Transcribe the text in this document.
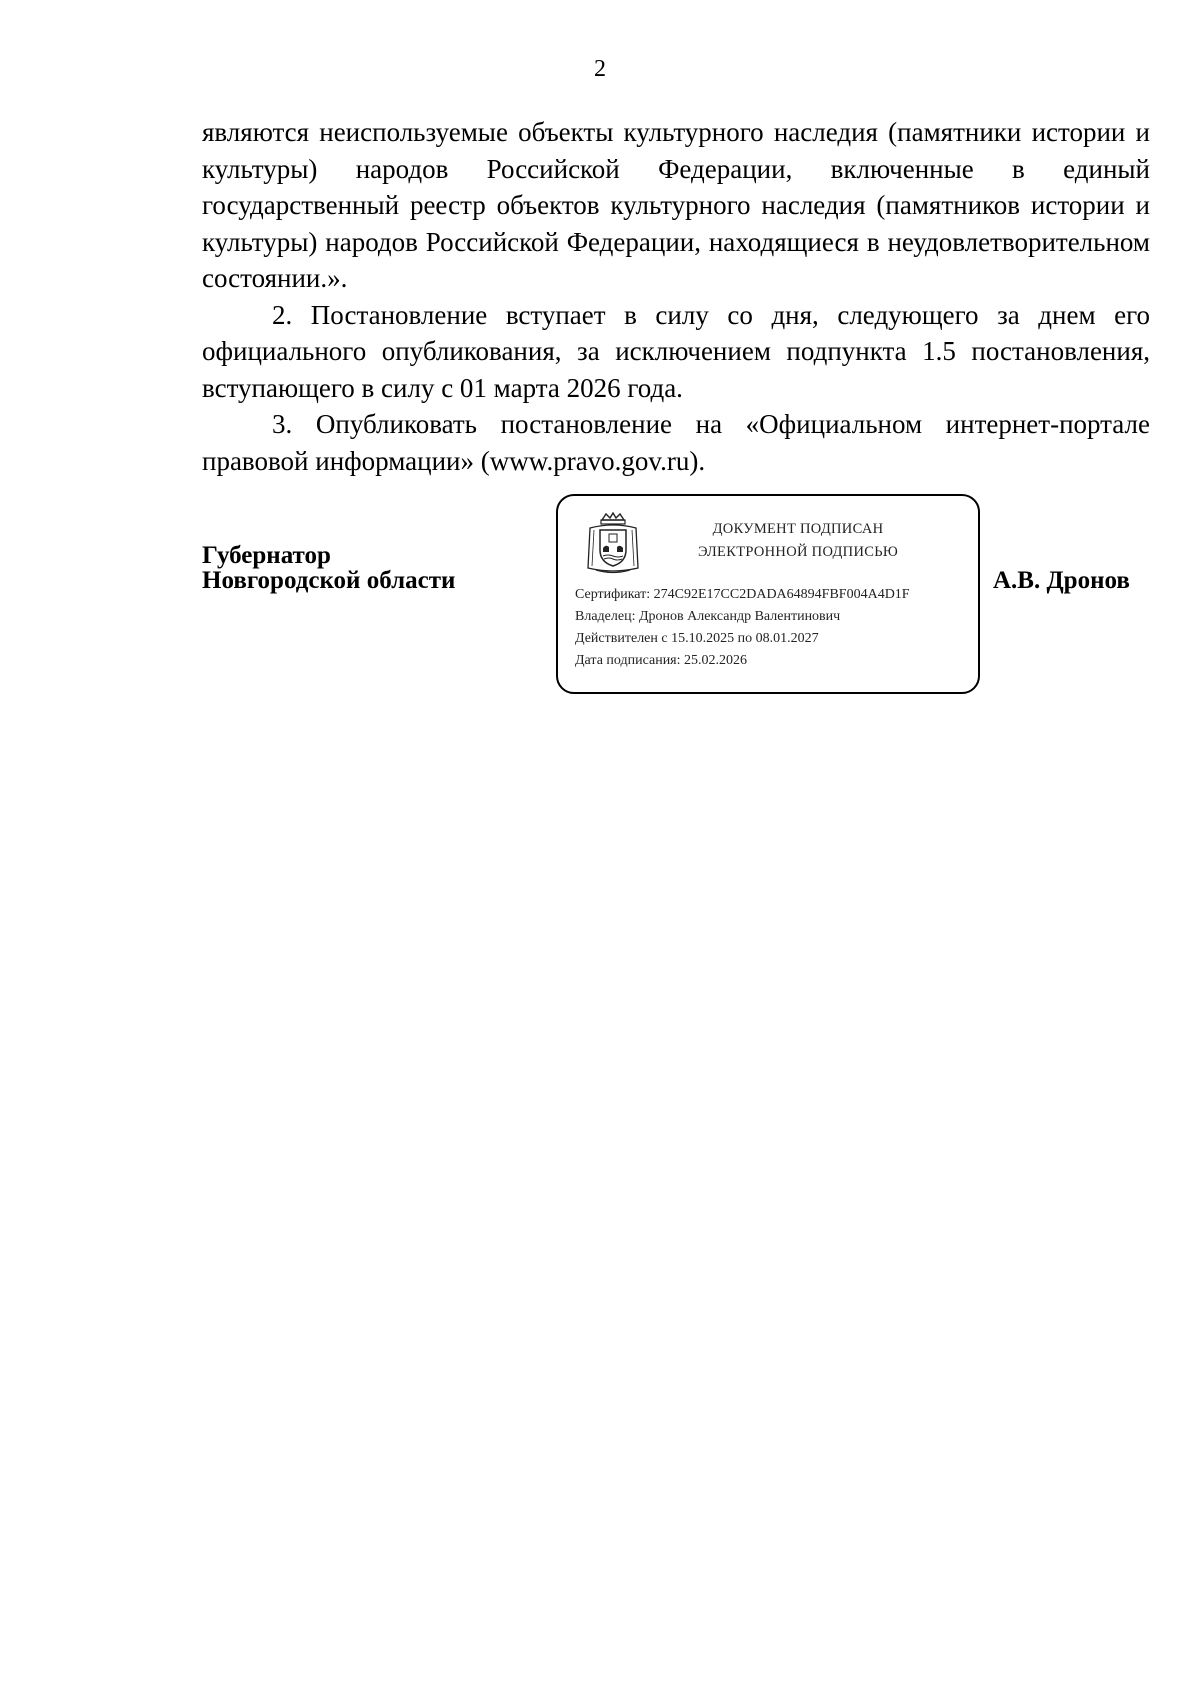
2

являются неиспользуемые объекты культурного наследия (памятники истории и культуры) народов Российской Федерации, включенные в единый государственный реестр объектов культурного наследия (памятников истории и культуры) народов Российской Федерации, находящиеся в неудовлетворительном состоянии.».

2. Постановление вступает в силу со дня, следующего за днем его официального опубликования, за исключением подпункта 1.5 постановления, вступающего в силу с 01 марта 2026 года.

3. Опубликовать постановление на «Официальном интернет-портале правовой информации» (www.pravo.gov.ru).

Губернатор
Новгородской области
ДОКУМЕНТ ПОДПИСАН
ЭЛЕКТРОННОЙ ПОДПИСЬЮ
Сертификат: 274C92E17CC2DADA64894FBF004A4D1F
Владелец: Дронов Александр Валентинович
Действителен с 15.10.2025 по 08.01.2027
Дата подписания: 25.02.2026
А.В. Дронов
